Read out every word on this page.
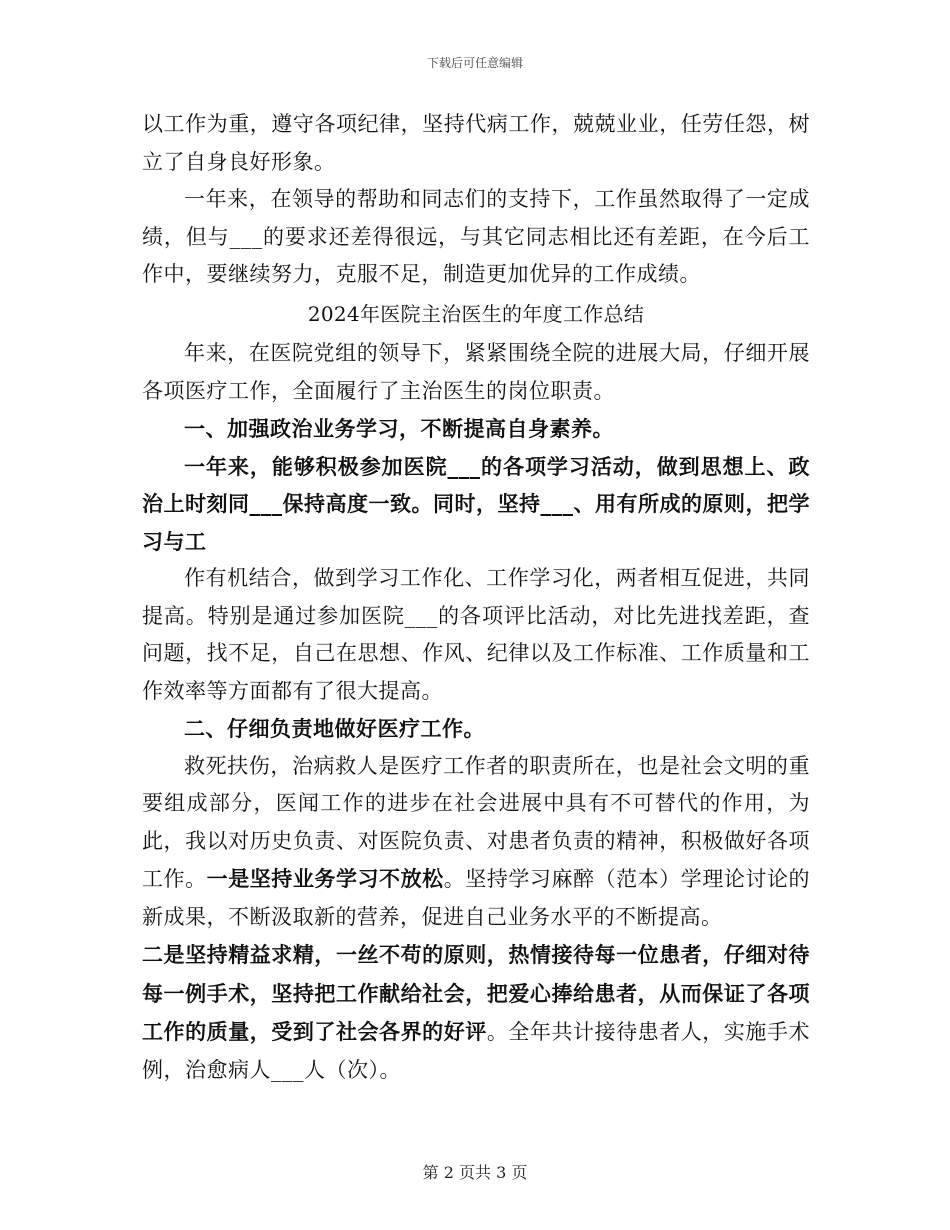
下载后可任意编辑

以工作为重，遵守各项纪律，坚持代病工作，兢兢业业，任劳任怨，树立了自身良好形象。

一年来，在领导的帮助和同志们的支持下，工作虽然取得了一定成绩，但与___的要求还差得很远，与其它同志相比还有差距，在今后工作中，要继续努力，克服不足，制造更加优异的工作成绩。

2024年医院主治医生的年度工作总结

年来，在医院党组的领导下，紧紧围绕全院的进展大局，仔细开展各项医疗工作，全面履行了主治医生的岗位职责。

一、加强政治业务学习，不断提高自身素养。

一年来，能够积极参加医院___的各项学习活动，做到思想上、政治上时刻同___保持高度一致。同时，坚持___、用有所成的原则，把学习与工

作有机结合，做到学习工作化、工作学习化，两者相互促进，共同提高。特别是通过参加医院___的各项评比活动，对比先进找差距，查问题，找不足，自己在思想、作风、纪律以及工作标准、工作质量和工作效率等方面都有了很大提高。

二、仔细负责地做好医疗工作。

救死扶伤，治病救人是医疗工作者的职责所在，也是社会文明的重要组成部分，医闻工作的进步在社会进展中具有不可替代的作用，为此，我以对历史负责、对医院负责、对患者负责的精神，积极做好各项工作。一是坚持业务学习不放松。坚持学习麻醉（范本）学理论讨论的新成果，不断汲取新的营养，促进自己业务水平的不断提高。

二是坚持精益求精，一丝不苟的原则，热情接待每一位患者，仔细对待每一例手术，坚持把工作献给社会，把爱心捧给患者，从而保证了各项工作的质量，受到了社会各界的好评。全年共计接待患者人，实施手术例，治愈病人___人（次）。

第 2 页共 3 页
